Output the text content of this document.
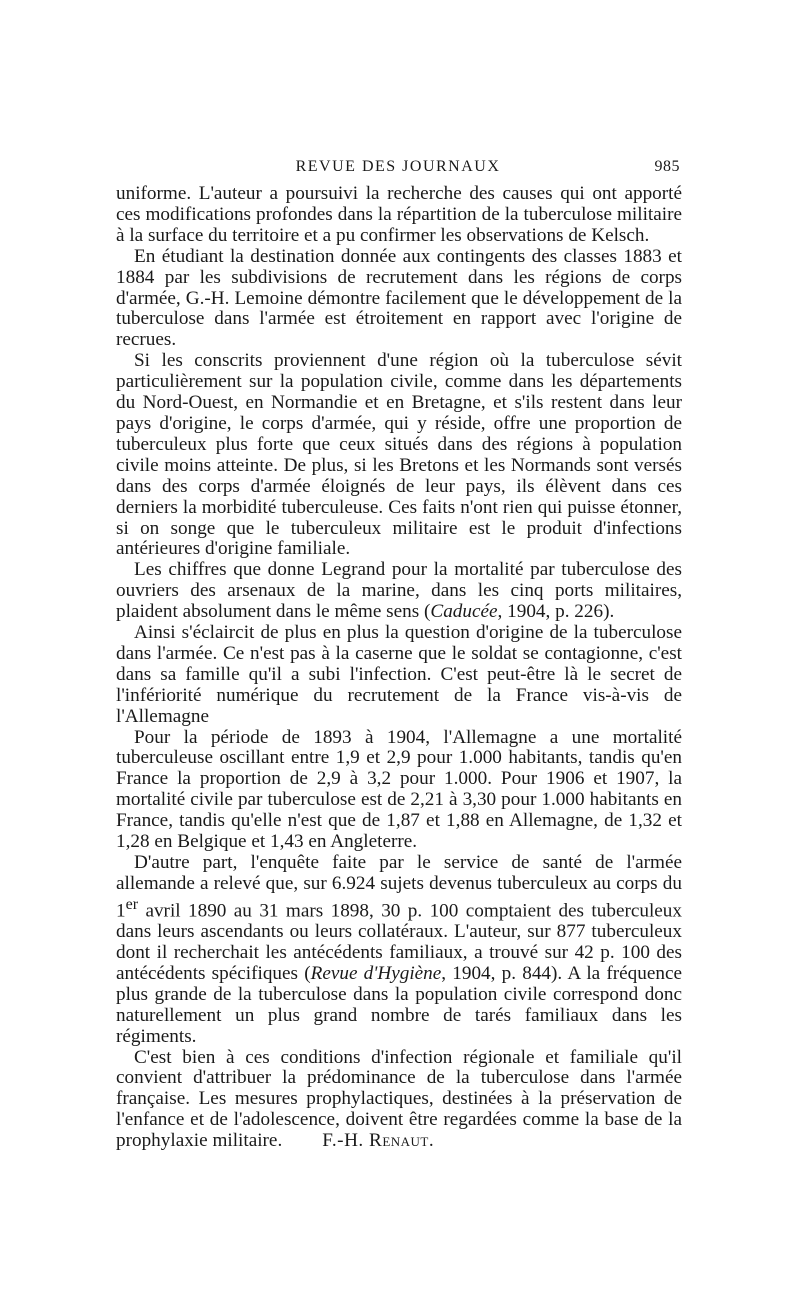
REVUE DES JOURNAUX	985

uniforme. L'auteur a poursuivi la recherche des causes qui ont apporté ces modifications profondes dans la répartition de la tuberculose militaire à la surface du territoire et a pu confirmer les observations de Kelsch.

En étudiant la destination donnée aux contingents des classes 1883 et 1884 par les subdivisions de recrutement dans les régions de corps d'armée, G.-H. Lemoine démontre facilement que le développement de la tuberculose dans l'armée est étroitement en rapport avec l'origine de recrues.

Si les conscrits proviennent d'une région où la tuberculose sévit particulièrement sur la population civile, comme dans les départements du Nord-Ouest, en Normandie et en Bretagne, et s'ils restent dans leur pays d'origine, le corps d'armée, qui y réside, offre une proportion de tuberculeux plus forte que ceux situés dans des régions à population civile moins atteinte. De plus, si les Bretons et les Normands sont versés dans des corps d'armée éloignés de leur pays, ils élèvent dans ces derniers la morbidité tuberculeuse. Ces faits n'ont rien qui puisse étonner, si on songe que le tuberculeux militaire est le produit d'infections antérieures d'origine familiale.

Les chiffres que donne Legrand pour la mortalité par tuberculose des ouvriers des arsenaux de la marine, dans les cinq ports militaires, plaident absolument dans le même sens (Caducée, 1904, p. 226).

Ainsi s'éclaircit de plus en plus la question d'origine de la tuberculose dans l'armée. Ce n'est pas à la caserne que le soldat se contagionne, c'est dans sa famille qu'il a subi l'infection. C'est peut-être là le secret de l'infériorité numérique du recrutement de la France vis-à-vis de l'Allemagne

Pour la période de 1893 à 1904, l'Allemagne a une mortalité tuberculeuse oscillant entre 1,9 et 2,9 pour 1.000 habitants, tandis qu'en France la proportion de 2,9 à 3,2 pour 1.000. Pour 1906 et 1907, la mortalité civile par tuberculose est de 2,21 à 3,30 pour 1.000 habitants en France, tandis qu'elle n'est que de 1,87 et 1,88 en Allemagne, de 1,32 et 1,28 en Belgique et 1,43 en Angleterre.

D'autre part, l'enquête faite par le service de santé de l'armée allemande a relevé que, sur 6.924 sujets devenus tuberculeux au corps du 1er avril 1890 au 31 mars 1898, 30 p. 100 comptaient des tuberculeux dans leurs ascendants ou leurs collatéraux. L'auteur, sur 877 tuberculeux dont il recherchait les antécédents familiaux, a trouvé sur 42 p. 100 des antécédents spécifiques (Revue d'Hygiène, 1904, p. 844). A la fréquence plus grande de la tuberculose dans la population civile correspond donc naturellement un plus grand nombre de tarés familiaux dans les régiments.

C'est bien à ces conditions d'infection régionale et familiale qu'il convient d'attribuer la prédominance de la tuberculose dans l'armée française. Les mesures prophylactiques, destinées à la préservation de l'enfance et de l'adolescence, doivent être regardées comme la base de la prophylaxie militaire. F.-H. Renaut.
